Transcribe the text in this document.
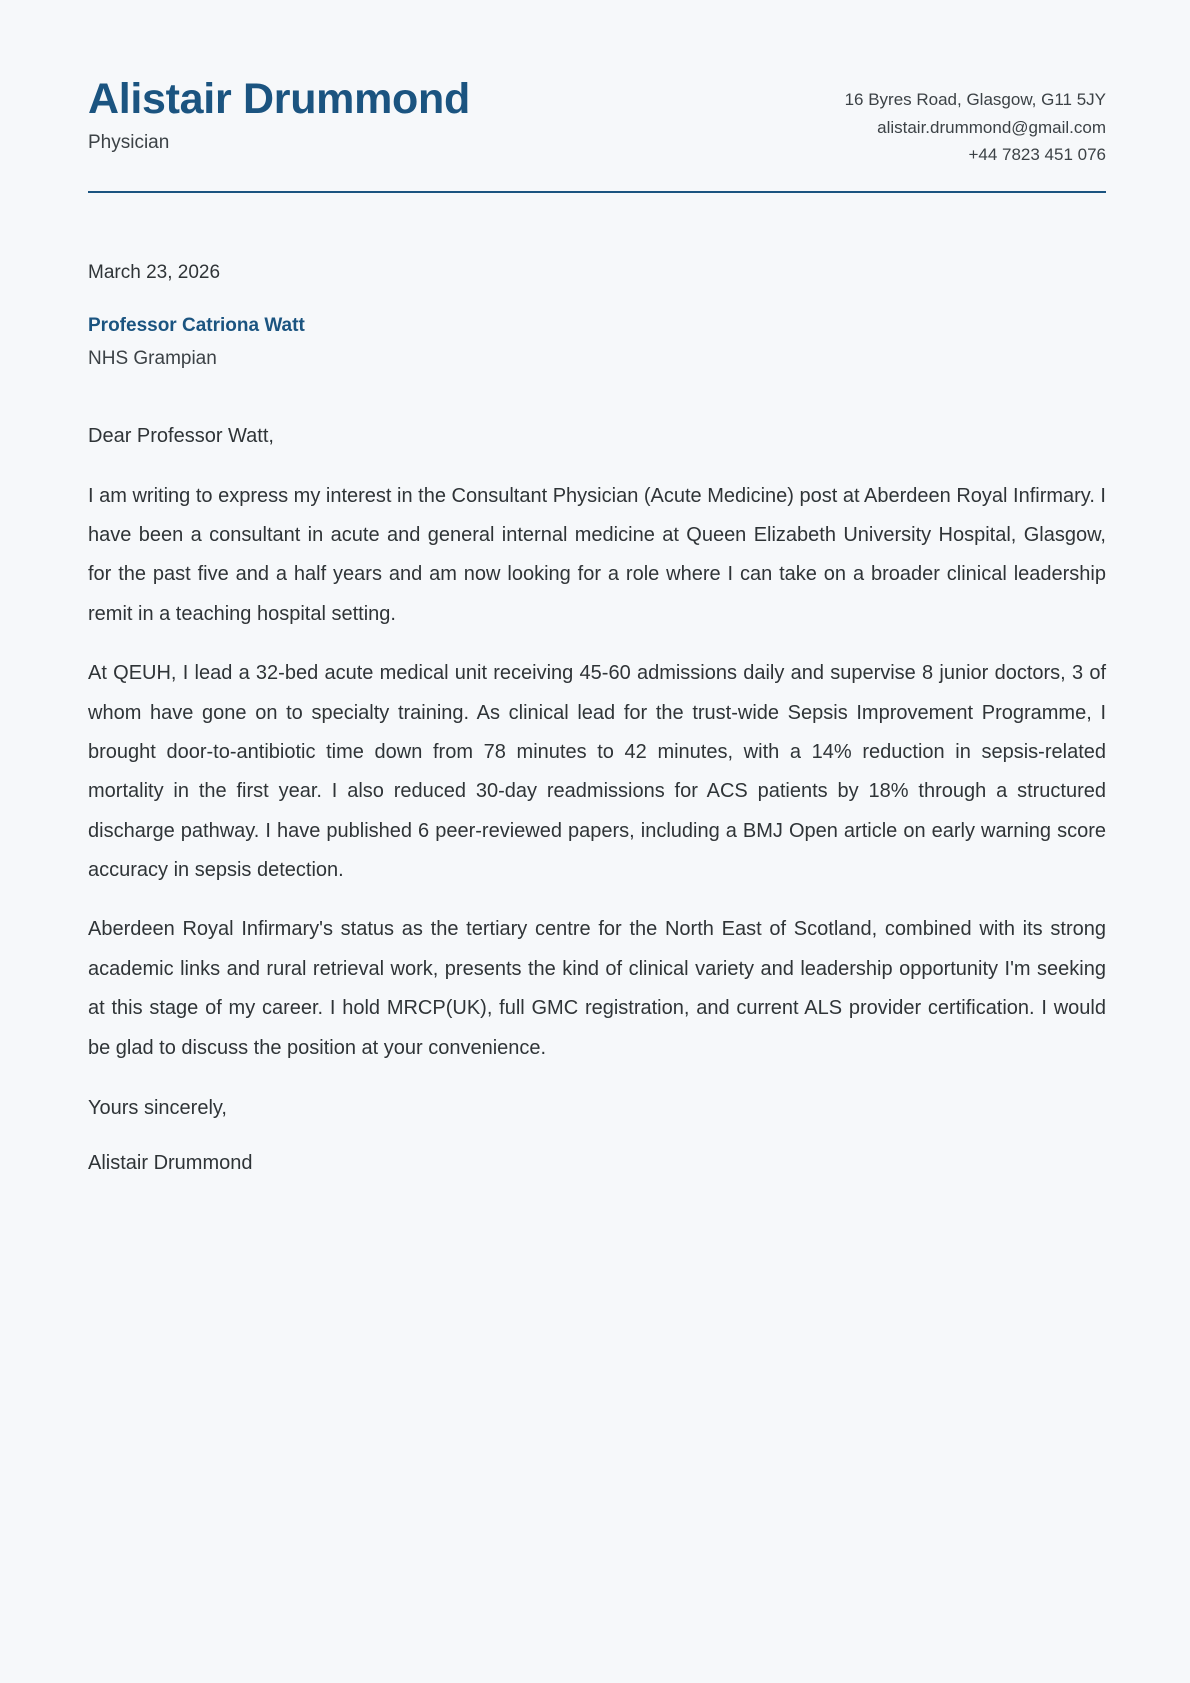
Alistair Drummond
Physician
16 Byres Road, Glasgow, G11 5JY
alistair.drummond@gmail.com
+44 7823 451 076
March 23, 2026
Professor Catriona Watt
NHS Grampian
Dear Professor Watt,

I am writing to express my interest in the Consultant Physician (Acute Medicine) post at Aberdeen Royal Infirmary. I have been a consultant in acute and general internal medicine at Queen Elizabeth University Hospital, Glasgow, for the past five and a half years and am now looking for a role where I can take on a broader clinical leadership remit in a teaching hospital setting.

At QEUH, I lead a 32-bed acute medical unit receiving 45-60 admissions daily and supervise 8 junior doctors, 3 of whom have gone on to specialty training. As clinical lead for the trust-wide Sepsis Improvement Programme, I brought door-to-antibiotic time down from 78 minutes to 42 minutes, with a 14% reduction in sepsis-related mortality in the first year. I also reduced 30-day readmissions for ACS patients by 18% through a structured discharge pathway. I have published 6 peer-reviewed papers, including a BMJ Open article on early warning score accuracy in sepsis detection.

Aberdeen Royal Infirmary's status as the tertiary centre for the North East of Scotland, combined with its strong academic links and rural retrieval work, presents the kind of clinical variety and leadership opportunity I'm seeking at this stage of my career. I hold MRCP(UK), full GMC registration, and current ALS provider certification. I would be glad to discuss the position at your convenience.

Yours sincerely,
Alistair Drummond
